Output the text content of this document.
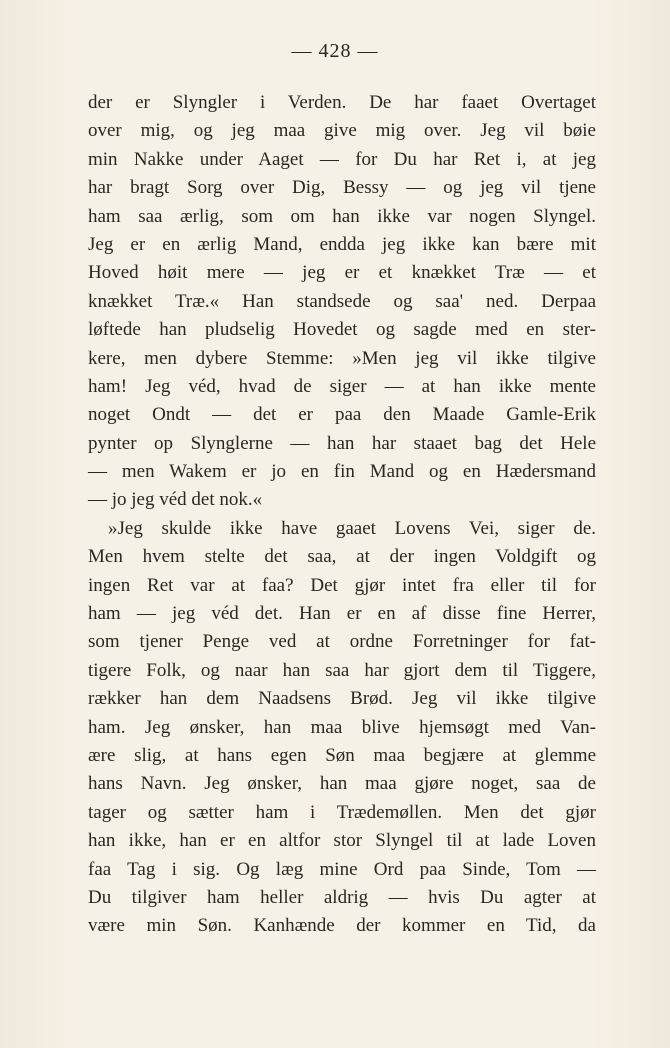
— 428 —
der er Slyngler i Verden. De har faaet Overtaget
over mig, og jeg maa give mig over. Jeg vil bøie
min Nakke under Aaget — for Du har Ret i, at jeg
har bragt Sorg over Dig, Bessy — og jeg vil tjene
ham saa ærlig, som om han ikke var nogen Slyngel.
Jeg er en ærlig Mand, endda jeg ikke kan bære mit
Hoved høit mere — jeg er et knækket Træ — et
knækket Træ.« Han standsede og saa' ned. Derpaa
løftede han pludselig Hovedet og sagde med en ster-
kere, men dybere Stemme: »Men jeg vil ikke tilgive
ham! Jeg véd, hvad de siger — at han ikke mente
noget Ondt — det er paa den Maade Gamle-Erik
pynter op Slynglerne — han har staaet bag det Hele
— men Wakem er jo en fin Mand og en Hædersmand
— jo jeg véd det nok.«
»Jeg skulde ikke have gaaet Lovens Vei, siger de.
Men hvem stelte det saa, at der ingen Voldgift og
ingen Ret var at faa? Det gjør intet fra eller til for
ham — jeg véd det. Han er en af disse fine Herrer,
som tjener Penge ved at ordne Forretninger for fat-
tigere Folk, og naar han saa har gjort dem til Tiggere,
rækker han dem Naadsens Brød. Jeg vil ikke tilgive
ham. Jeg ønsker, han maa blive hjemsøgt med Van-
ære slig, at hans egen Søn maa begjære at glemme
hans Navn. Jeg ønsker, han maa gjøre noget, saa de
tager og sætter ham i Trædemøllen. Men det gjør
han ikke, han er en altfor stor Slyngel til at lade Loven
faa Tag i sig. Og læg mine Ord paa Sinde, Tom —
Du tilgiver ham heller aldrig — hvis Du agter at
være min Søn. Kanhænde der kommer en Tid, da
